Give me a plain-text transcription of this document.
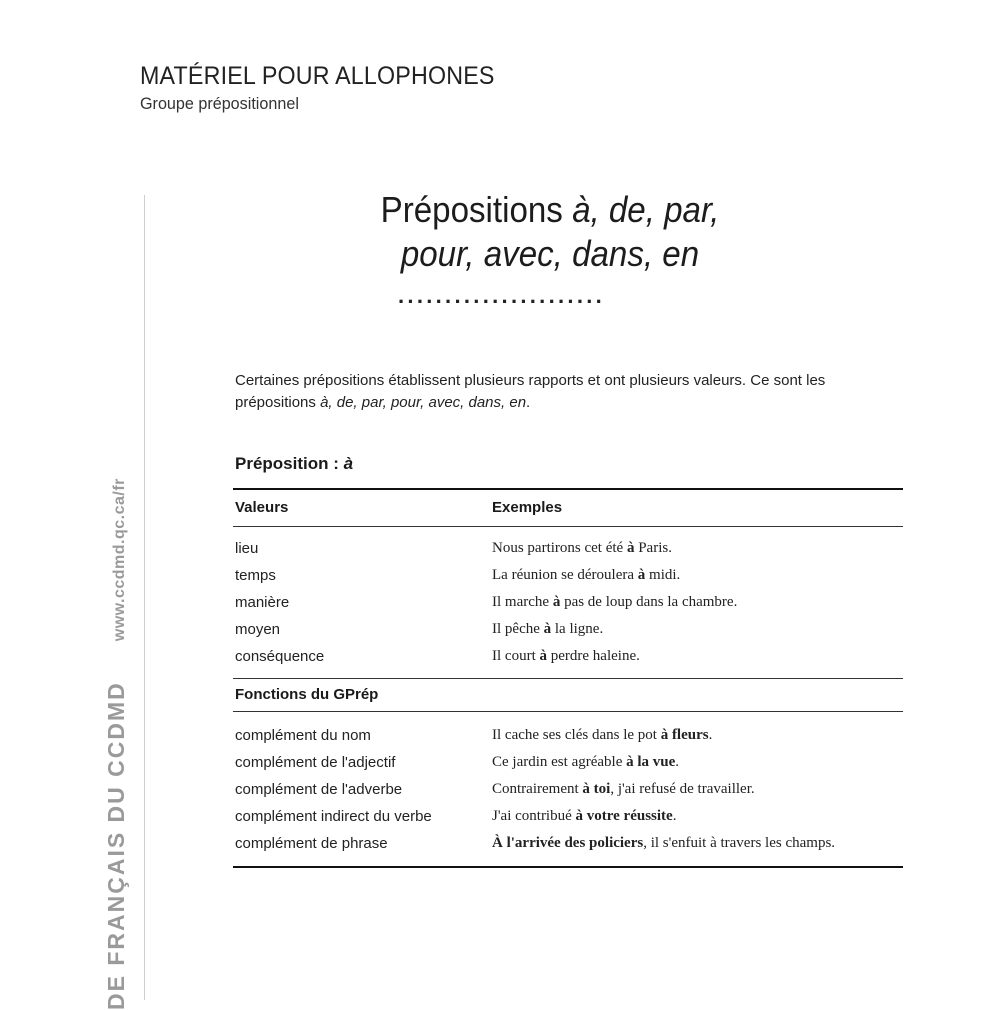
MATÉRIEL POUR ALLOPHONES
Groupe prépositionnel
DE FRANÇAIS DU CCDMDwww.ccdmd.qc.ca/fr
Prépositions à, de, par,
pour, avec, dans, en
......................
Certaines prépositions établissent plusieurs rapports et ont plusieurs valeurs. Ce sont les prépositions à, de, par, pour, avec, dans, en.
Préposition : à
Valeurs	Exemples
lieu	Nous partirons cet été à Paris.
temps	La réunion se déroulera à midi.
manière	Il marche à pas de loup dans la chambre.
moyen	Il pêche à la ligne.
conséquence	Il court à perdre haleine.
Fonctions du GPrép
complément du nom	Il cache ses clés dans le pot à fleurs.
complément de l'adjectif	Ce jardin est agréable à la vue.
complément de l'adverbe	Contrairement à toi, j'ai refusé de travailler.
complément indirect du verbe	J'ai contribué à votre réussite.
complément de phrase	À l'arrivée des policiers, il s'enfuit à travers les champs.
